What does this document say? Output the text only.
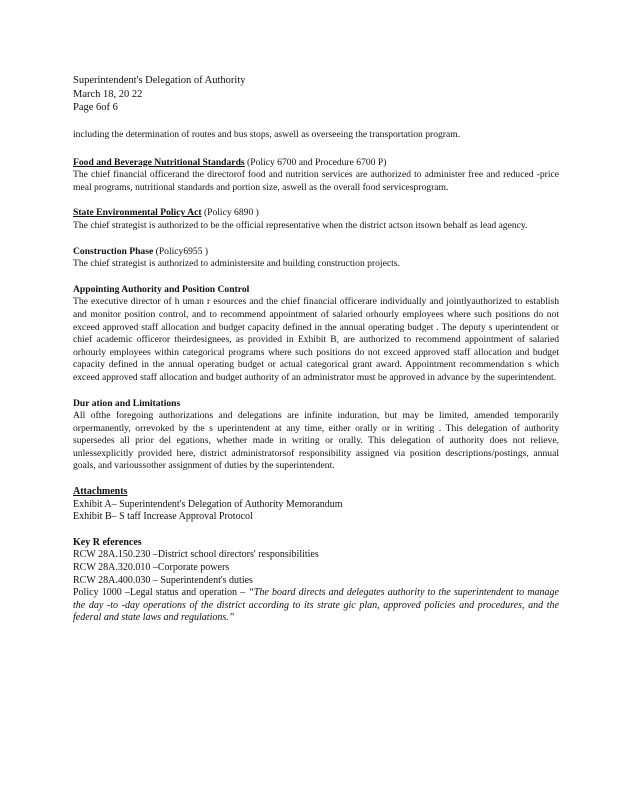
Superintendent's Delegation of Authority
March 18, 20 22
Page 6of 6

including the determination of routes and bus stops, aswell as overseeing the transportation program.

Food and Beverage Nutritional Standards (Policy 6700 and Procedure 6700 P)

The chief financial officerand the directorof food and nutrition services are authorized to administer free and reduced -price meal programs, nutritional standards and portion size, aswell as the overall food servicesprogram.

State Environmental Policy Act (Policy 6890 )

The chief strategist is authorized to be the official representative when the district actson itsown behalf as lead agency.

Construction Phase (Policy6955 )

The chief strategist is authorized to administersite and building construction projects.

Appointing Authority and Position Control

The executive director of h uman r esources and the chief financial officerare individually and jointlyauthorized to establish and monitor position control, and to recommend appointment of salaried orhourly employees where such positions do not exceed approved staff allocation and budget capacity defined in the annual operating budget . The deputy s uperintendent or chief academic officeror theirdesignees, as provided in Exhibit B, are authorized to recommend appointment of salaried orhourly employees within categorical programs where such positions do not exceed approved staff allocation and budget capacity defined in the annual operating budget or actual categorical grant award. Appointment recommendation s which exceed approved staff allocation and budget authority of an administrator must be approved in advance by the superintendent.

Dur ation and Limitations

All ofthe foregoing authorizations and delegations are infinite induration, but may be limited, amended temporarily orpermanently, orrevoked by the s uperintendent at any time, either orally or in writing . This delegation of authority supersedes all prior del egations, whether made in writing or orally. This delegation of authority does not relieve, unlessexplicitly provided here, district administratorsof responsibility assigned via position descriptions/postings, annual goals, and varioussother assignment of duties by the superintendent.

Attachments

Exhibit A– Superintendent's Delegation of Authority Memorandum
Exhibit B– S taff Increase Approval Protocol

Key R eferences

RCW 28A.150.230 –District school directors' responsibilities
RCW 28A.320.010 –Corporate powers
RCW 28A.400.030 – Superintendent's duties

Policy 1000 –Legal status and operation – “The board directs and delegates authority to the superintendent to manage the day -to -day operations of the district according to its strate gic plan, approved policies and procedures, and the federal and state laws and regulations.”
